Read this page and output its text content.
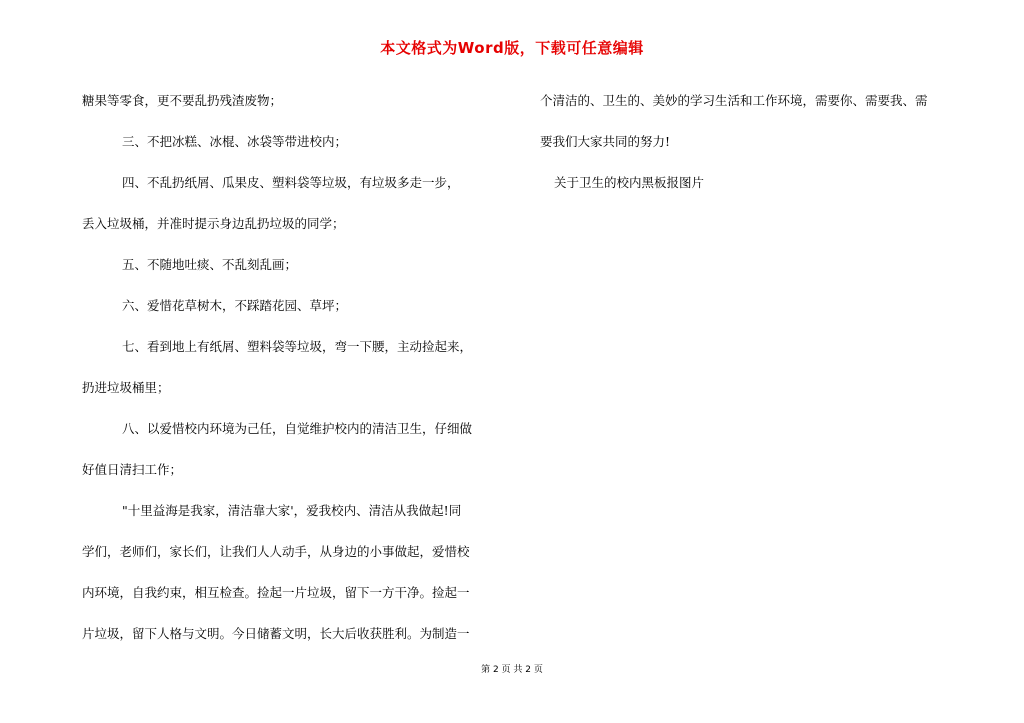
本文格式为Word版，下载可任意编辑
糖果等零食，更不要乱扔残渣废物；
三、不把冰糕、冰棍、冰袋等带进校内；
四、不乱扔纸屑、瓜果皮、塑料袋等垃圾，有垃圾多走一步，
丢入垃圾桶，并准时提示身边乱扔垃圾的同学；
五、不随地吐痰、不乱刻乱画；
六、爱惜花草树木，不踩踏花园、草坪；
七、看到地上有纸屑、塑料袋等垃圾，弯一下腰，主动捡起来，
扔进垃圾桶里；
八、以爱惜校内环境为己任，自觉维护校内的清洁卫生，仔细做
好值日清扫工作；
"十里益海是我家，清洁靠大家'，爱我校内、清洁从我做起!同
学们，老师们，家长们，让我们人人动手，从身边的小事做起，爱惜校
内环境，自我约束，相互检查。捡起一片垃圾，留下一方干净。捡起一
片垃圾，留下人格与文明。今日储蓄文明，长大后收获胜利。为制造一
个清洁的、卫生的、美妙的学习生活和工作环境，需要你、需要我、需
要我们大家共同的努力!
关于卫生的校内黑板报图片
第 2 页 共 2 页
